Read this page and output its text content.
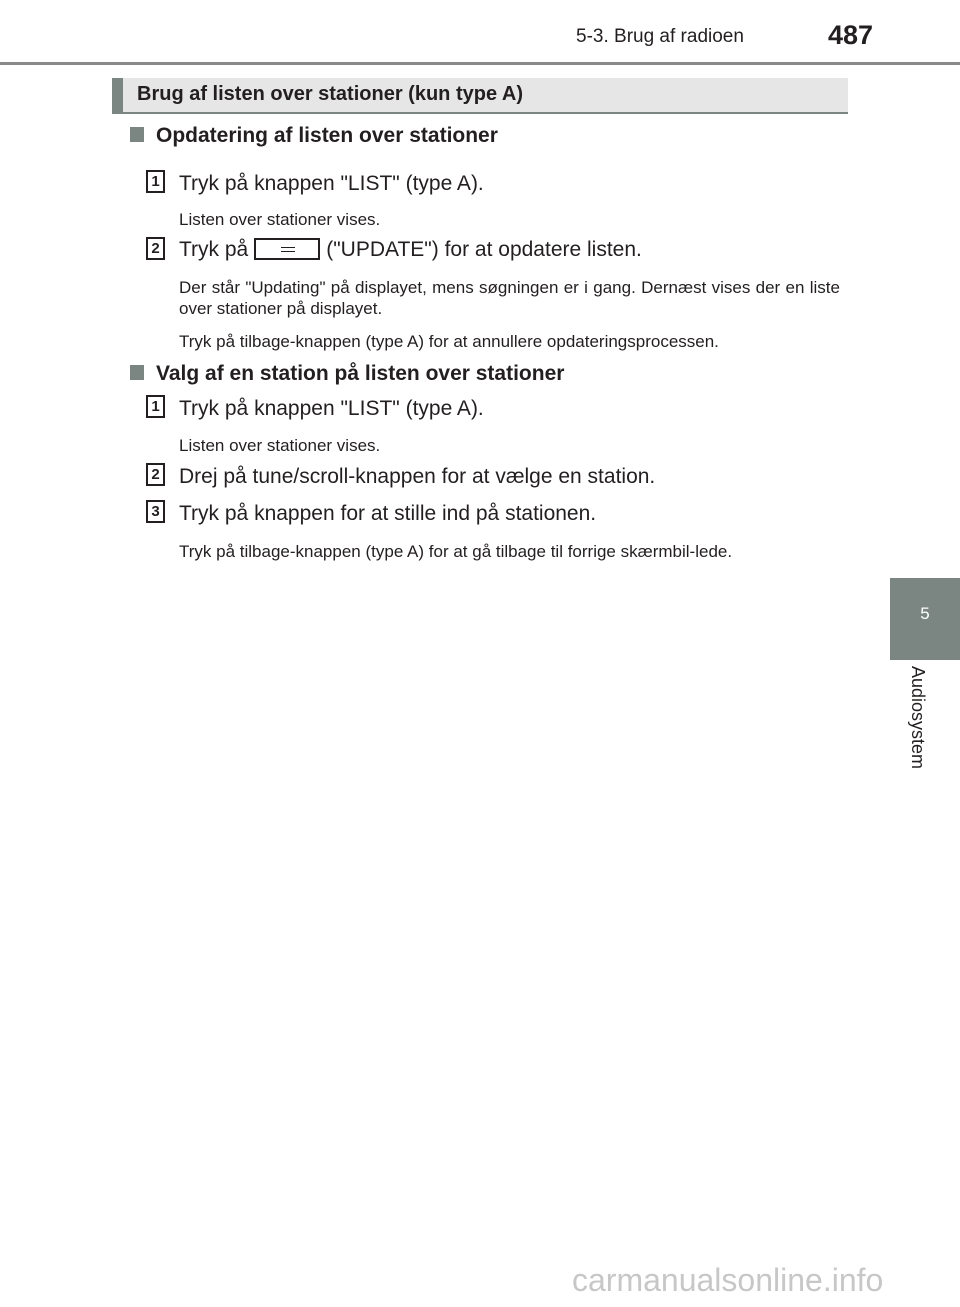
5-3. Brug af radioen	487
5
Audiosystem
Brug af listen over stationer (kun type A)
Opdatering af listen over stationer
1 Tryk på knappen "LIST" (type A).
Listen over stationer vises.
2 Tryk på	("UPDATE") for at opdatere listen.
Der står "Updating" på displayet, mens søgningen er i gang. Dernæst vises der en liste over stationer på displayet.
Tryk på tilbage-knappen (type A) for at annullere opdateringsprocessen.
Valg af en station på listen over stationer
1 Tryk på knappen "LIST" (type A).
Listen over stationer vises.
2 Drej på tune/scroll-knappen for at vælge en station.
3 Tryk på knappen for at stille ind på stationen.
Tryk på tilbage-knappen (type A) for at gå tilbage til forrige skærmbil-lede.
carmanualsonline.info
